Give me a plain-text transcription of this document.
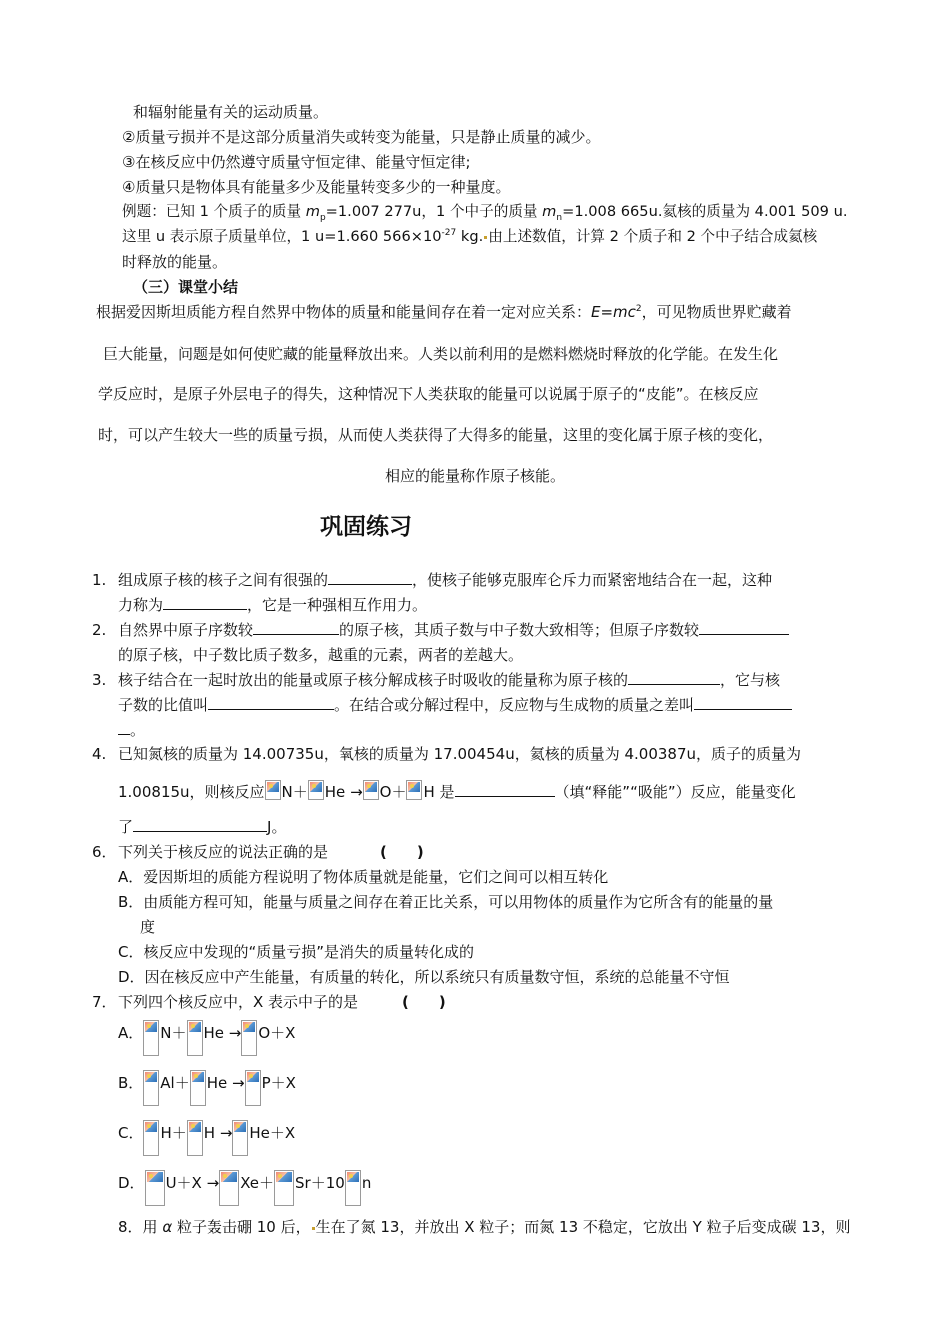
和辐射能量有关的运动质量。
②质量亏损并不是这部分质量消失或转变为能量，只是静止质量的减少。
③在核反应中仍然遵守质量守恒定律、能量守恒定律;
④质量只是物体具有能量多少及能量转变多少的一种量度。
例题：已知 1 个质子的质量 $m_p=1.007$ 277u，1 个中子的质量 $m_n=1.008$ 665u.氦核的质量为 4.001 509 u.
这里 u 表示原子质量单位，1 u=1.660 $566\times 10^{-27}$ kg. 由上述数值，计算 2 个质子和 2 个中子结合成氦核
时释放的能量。
（三）课堂小结
根据爱因斯坦质能方程自然界中物体的质量和能量间存在着一定对应关系：$E=mc^2$，可见物质世界贮藏着
巨大能量，问题是如何使贮藏的能量释放出来。人类以前利用的是燃料燃烧时释放的化学能。在发生化
学反应时，是原子外层电子的得失，这种情况下人类获取的能量可以说属于原子的“皮能”。在核反应
时，可以产生较大一些的质量亏损，从而使人类获得了大得多的能量，这里的变化属于原子核的变化，
相应的能量称作原子核能。
巩固练习
1. 组成原子核的核子之间有很强的	，使核子能够克服库仑斥力而紧密地结合在一起，这种
力称为	，它是一种强相互作用力。
2. 自然界中原子序数较	的原子核，其质子数与中子数大致相等；但原子序数较
的原子核，中子数比质子数多，越重的元素，两者的差越大。
3. 核子结合在一起时放出的能量或原子核分解成核子时吸收的能量称为原子核的	，它与核
子数的比值叫	。在结合或分解过程中，反应物与生成物的质量之差叫
。
4. 已知氮核的质量为 14.00735u，氧核的质量为 17.00454u，氦核的质量为 4.00387u，质子的质量为
1.00815u，则核反应 N＋ He → O＋ H 是	（填“释能”“吸能”）反应，能量变化
了	J。
6．下列关于核反应的说法正确的是	(　　)
A．爱因斯坦的质能方程说明了物体质量就是能量，它们之间可以相互转化
B．由质能方程可知，能量与质量之间存在着正比关系，可以用物体的质量作为它所含有的能量的量
度
C．核反应中发现的“质量亏损”是消失的质量转化成的
D．因在核反应中产生能量，有质量的转化，所以系统只有质量数守恒，系统的总能量不守恒
7．下列四个核反应中，X 表示中子的是	(　　)
A． N＋ He → O＋X
B． Al＋ He → P＋X
C． H＋ H → He＋X
D． U＋X → Xe＋ Sr＋10 n
8．用 α 粒子轰击硼 10 后， 生在了氮 13，并放出 X 粒子；而氮 13 不稳定，它放出 Y 粒子后变成碳 13，则
